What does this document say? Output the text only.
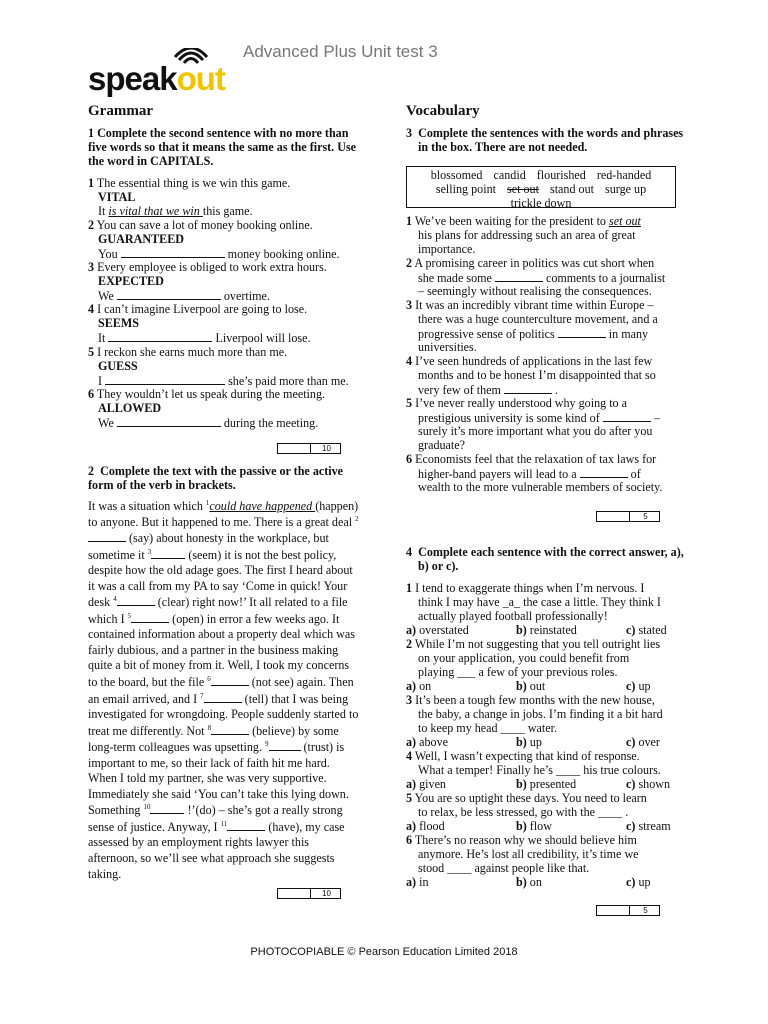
speakout
Advanced Plus Unit test 3
Grammar
1 Complete the second sentence with no more than five words so that it means the same as the first. Use the word in CAPITALS.
1 The essential thing is we win this game.
VITAL
It is vital that we win this game.
2 You can save a lot of money booking online.
GUARANTEED
You	money booking online.
3 Every employee is obliged to work extra hours.
EXPECTED
We	overtime.
4 I can’t imagine Liverpool are going to lose.
SEEMS
It	Liverpool will lose.
5 I reckon she earns much more than me.
GUESS
I	she’s paid more than me.
6 They wouldn’t let us speak during the meeting.
ALLOWED
We	during the meeting.
10
2 Complete the text with the passive or the active form of the verb in brackets.
It was a situation which $^1$could have happened (happen) to anyone. But it happened to me. There is a great deal $^2$ (say) about honesty in the workplace, but sometime it $^3$	(seem) it is not the best policy, despite how the old adage goes. The first I heard about it was a call from my PA to say ‘Come in quick! Your desk $^4$	(clear) right now!’ It all related to a file which I $^5$	(open) in error a few weeks ago. It contained information about a property deal which was fairly dubious, and a partner in the business making quite a bit of money from it. Well, I took my concerns to the board, but the file $^6$	(not see) again. Then an email arrived, and I $^7$	(tell) that I was being investigated for wrongdoing. People suddenly started to treat me differently. Not $^8$	(believe) by some long-term colleagues was upsetting. $^9$	(trust) is important to me, so their lack of faith hit me hard. When I told my partner, she was very supportive. Immediately she said ‘You can’t take this lying down. Something $^{10}$	!’(do) – she’s got a really strong sense of justice. Anyway, I $^{11}$	(have), my case assessed by an employment rights lawyer this afternoon, so we’ll see what approach she suggests taking.
10
Vocabulary
3 Complete the sentences with the words and phrases in the box. There are not needed.
blossomed candid flourished red-handed
selling point set out stand out surge up
trickle down
1 We’ve been waiting for the president to set out
his plans for addressing such an area of great
importance.
2 A promising career in politics was cut short when
she made some	comments to a journalist
– seemingly without realising the consequences.
3 It was an incredibly vibrant time within Europe –
there was a huge counterculture movement, and a
progressive sense of politics	in many
universities.
4 I’ve seen hundreds of applications in the last few
months and to be honest I’m disappointed that so
very few of them	.
5 I’ve never really understood why going to a
prestigious university is some kind of	–
surely it’s more important what you do after you
graduate?
6 Economists feel that the relaxation of tax laws for
higher-band payers will lead to a	of
wealth to the more vulnerable members of society.
5
4 Complete each sentence with the correct answer, a), b) or c).
1 I tend to exaggerate things when I’m nervous. I
think I may have _a_ the case a little. They think I
actually played football professionally!
a) overstated	b) reinstated	c) stated
2 While I’m not suggesting that you tell outright lies
on your application, you could benefit from
playing ___ a few of your previous roles.
a) on	b) out	c) up
3 It’s been a tough few months with the new house,
the baby, a change in jobs. I’m finding it a bit hard
to keep my head ____ water.
a) above	b) up	c) over
4 Well, I wasn’t expecting that kind of response.
What a temper! Finally he’s ____ his true colours.
a) given	b) presented	c) shown
5 You are so uptight these days. You need to learn
to relax, be less stressed, go with the ____ .
a) flood	b) flow	c) stream
6 There’s no reason why we should believe him
anymore. He’s lost all credibility, it’s time we
stood ____ against people like that.
a) in	b) on	c) up
5
PHOTOCOPIABLE © Pearson Education Limited 2018
